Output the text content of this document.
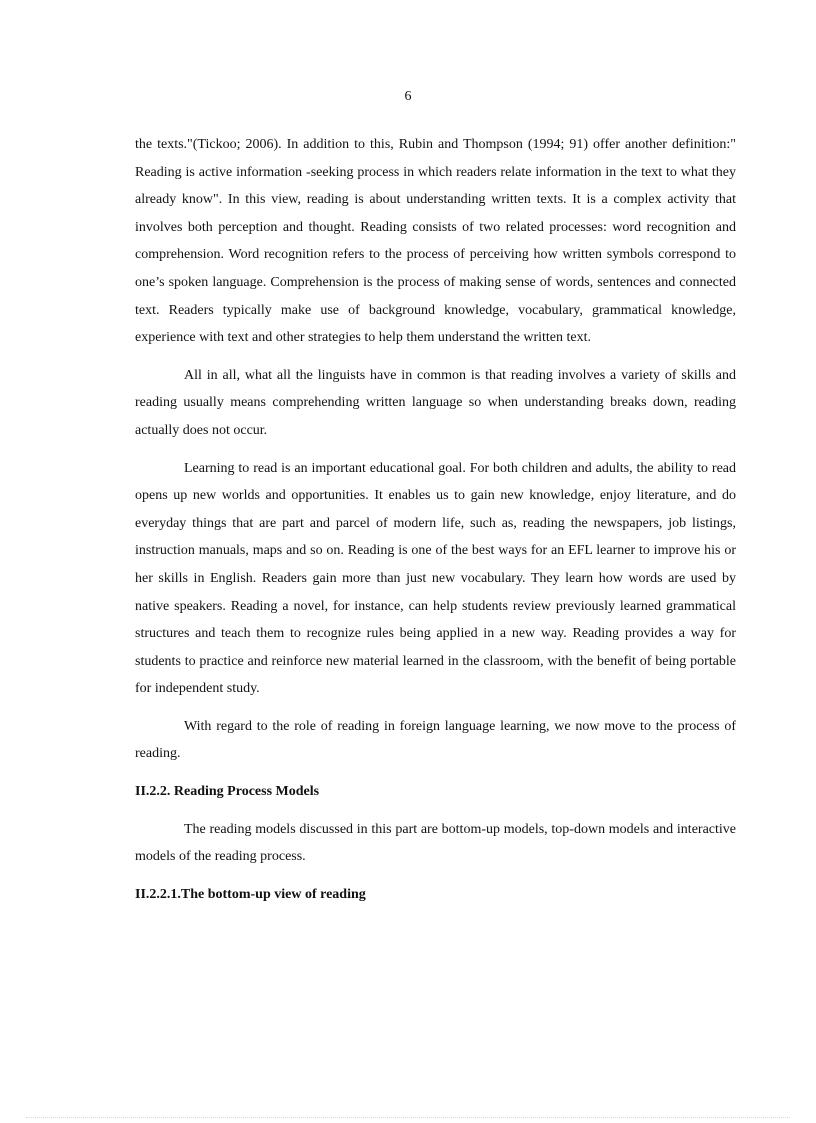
6

the texts."(Tickoo; 2006). In addition to this, Rubin and Thompson (1994; 91) offer another definition:" Reading is active information -seeking process in which readers relate information in the text to what they already know". In this view, reading is about understanding written texts. It is a complex activity that involves both perception and thought. Reading consists of two related processes: word recognition and comprehension. Word recognition refers to the process of perceiving how written symbols correspond to one’s spoken language. Comprehension is the process of making sense of words, sentences and connected text. Readers typically make use of background knowledge, vocabulary, grammatical knowledge, experience with text and other strategies to help them understand the written text.

All in all, what all the linguists have in common is that reading involves a variety of skills and reading usually means comprehending written language so when understanding breaks down, reading actually does not occur.

Learning to read is an important educational goal. For both children and adults, the ability to read opens up new worlds and opportunities. It enables us to gain new knowledge, enjoy literature, and do everyday things that are part and parcel of modern life, such as, reading the newspapers, job listings, instruction manuals, maps and so on. Reading is one of the best ways for an EFL learner to improve his or her skills in English. Readers gain more than just new vocabulary. They learn how words are used by native speakers. Reading a novel, for instance, can help students review previously learned grammatical structures and teach them to recognize rules being applied in a new way. Reading provides a way for students to practice and reinforce new material learned in the classroom, with the benefit of being portable for independent study.

With regard to the role of reading in foreign language learning, we now move to the process of reading.

II.2.2. Reading Process Models

The reading models discussed in this part are bottom-up models, top-down models and interactive models of the reading process.

II.2.2.1.The bottom-up view of reading
